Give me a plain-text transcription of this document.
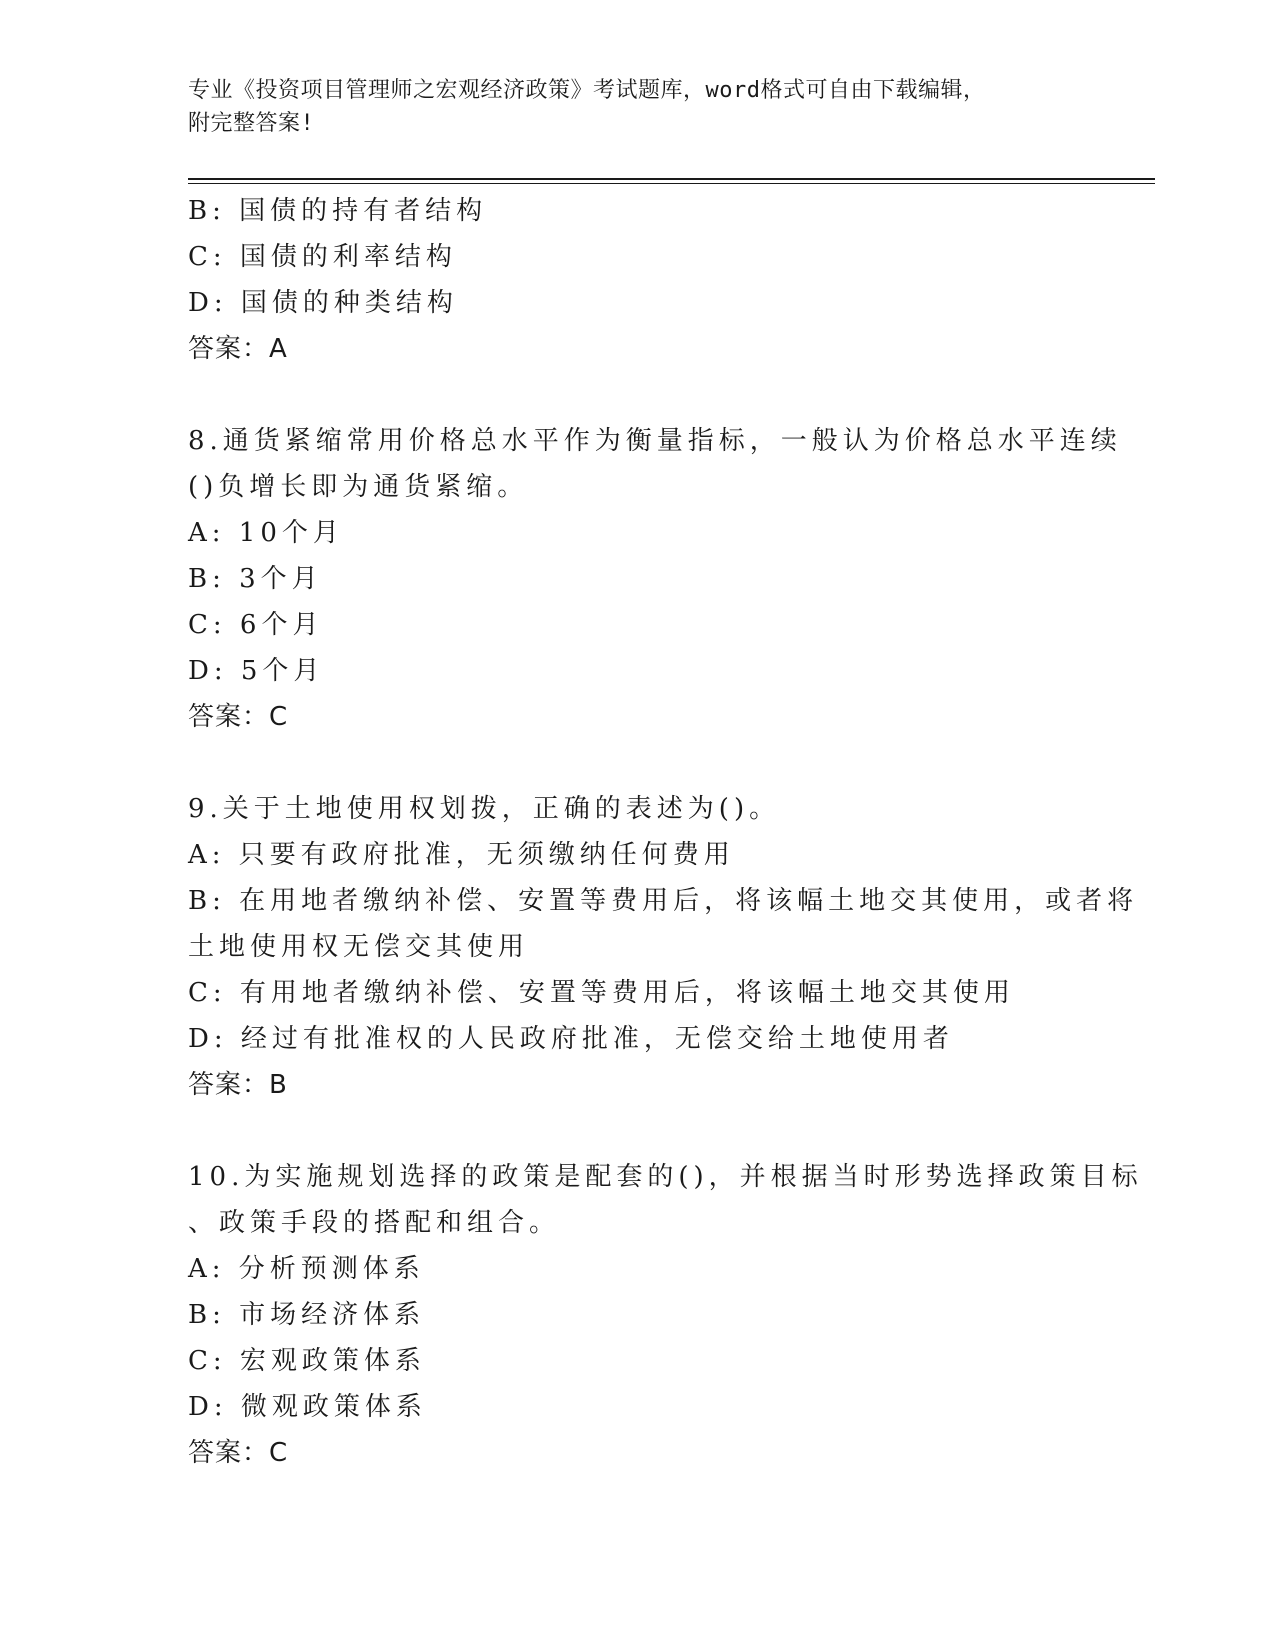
专业《投资项目管理师之宏观经济政策》考试题库，word格式可自由下载编辑，
附完整答案!
B: 国债的持有者结构
C: 国债的利率结构
D: 国债的种类结构
答案：A
8.通货紧缩常用价格总水平作为衡量指标，一般认为价格总水平连续
()负增长即为通货紧缩。
A: 10个月
B: 3个月
C: 6个月
D: 5个月
答案：C
9.关于土地使用权划拨，正确的表述为()。
A: 只要有政府批准，无须缴纳任何费用
B: 在用地者缴纳补偿、安置等费用后，将该幅土地交其使用，或者将
土地使用权无偿交其使用
C: 有用地者缴纳补偿、安置等费用后，将该幅土地交其使用
D: 经过有批准权的人民政府批准，无偿交给土地使用者
答案：B
10.为实施规划选择的政策是配套的()，并根据当时形势选择政策目标
、政策手段的搭配和组合。
A: 分析预测体系
B: 市场经济体系
C: 宏观政策体系
D: 微观政策体系
答案：C
